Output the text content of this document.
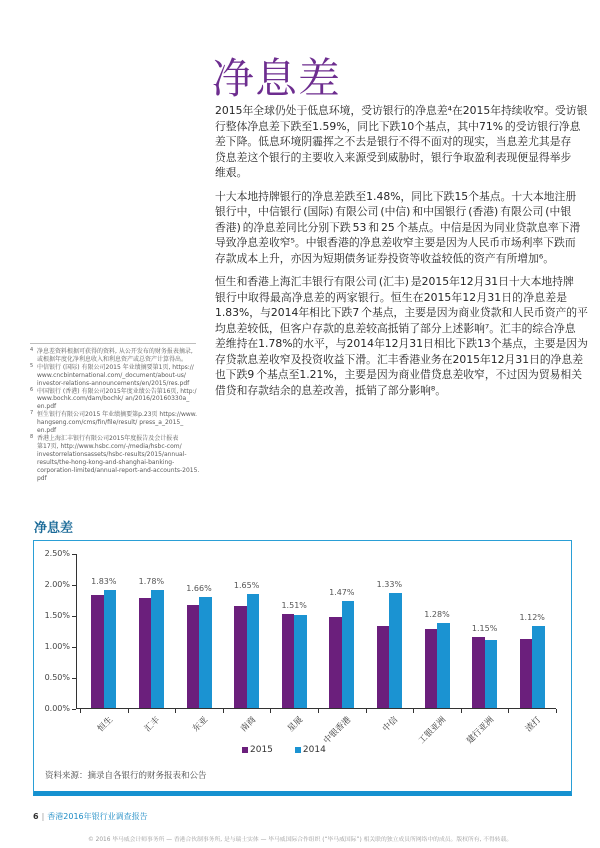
净息差
2015年全球仍处于低息环境，受访银行的净息差⁴在2015年持续收窄。受访银
行整体净息差下跌至1.59%，同比下跌10个基点，其中71% 的受访银行净息
差下降。低息环境阴霾挥之不去是银行不得不面对的现实，当息差尤其是存
贷息差这个银行的主要收入来源受到威胁时，银行争取盈利表现便显得举步
维艰。
十大本地持牌银行的净息差跌至1.48%，同比下跌15个基点。十大本地注册
银行中，中信银行 (国际) 有限公司 (中信) 和中国银行 (香港) 有限公司 (中银
香港) 的净息差同比分别下跌 53 和 25 个基点。中信是因为同业贷款息率下滑
导致净息差收窄⁵。中银香港的净息差收窄主要是因为人民币市场利率下跌而
存款成本上升，亦因为短期债务证券投资等收益较低的资产有所增加⁶。
恒生和香港上海汇丰银行有限公司 (汇丰) 是2015年12月31日十大本地持牌
银行中取得最高净息差的两家银行。恒生在2015年12月31日的净息差是
1.83%，与2014年相比下跌7 个基点，主要是因为商业贷款和人民币资产的平
均息差较低，但客户存款的息差较高抵销了部分上述影响⁷。汇丰的综合净息
差维持在1.78%的水平，与2014年12月31日相比下跌13个基点，主要是因为
存贷款息差收窄及投资收益下滑。汇丰香港业务在2015年12月31日的净息差
也下跌9 个基点至1.21%，主要是因为商业借贷息差收窄，不过因为贸易相关
借贷和存款结余的息差改善，抵销了部分影响⁸。
4 净息差资料根据可获得的资料, 从公开发布的财务报表摘录,
或根据年度化净利息收入和利息资产或总资产计算得出。
5 中信银行 (国际) 有限公司2015 年业绩摘要第1页, https://
www.cncbinternational.com/_document/about-us/
investor-relations-announcements/en/2015/res.pdf
6 中国银行 (香港) 有限公司2015年度业绩公告第16页, http:/
www.bochk.com/dam/bochk/ an/2016/20160330a_
en.pdf
7 恒生银行有限公司2015 年业绩摘要第p.23页 https://www.
hangseng.com/cms/fin/file/result/ press_a_2015_
en.pdf
8 香港上海汇丰银行有限公司2015年度报告及会计报表
第17页, http://www.hsbc.com/-/media/hsbc-com/
investorrelationsassets/hsbc-results/2015/annual-
results/the-hong-kong-and-shanghai-banking-
corporation-limited/annual-report-and-accounts-2015.
pdf
净息差
0.00%
0.50%
1.00%
1.50%
2.00%
2.50%
1.83%
恒生
1.78%
汇丰
1.66%
东亚
1.65%
南商
1.51%
星展
1.47%
中银香港
1.33%
中信
1.28%
工银亚洲
1.15%
建行亚洲
1.12%
渣打
2015	2014
资料来源：摘录自各银行的财务报表和公告
6 | 香港2016年银行业调查报告
© 2016 毕马威会计师事务所 — 香港合伙制事务所, 是与瑞士实体 — 毕马威国际合作组织 (“毕马威国际”) 相关联的独立成员所网络中的成员。版权所有, 不得转载。
